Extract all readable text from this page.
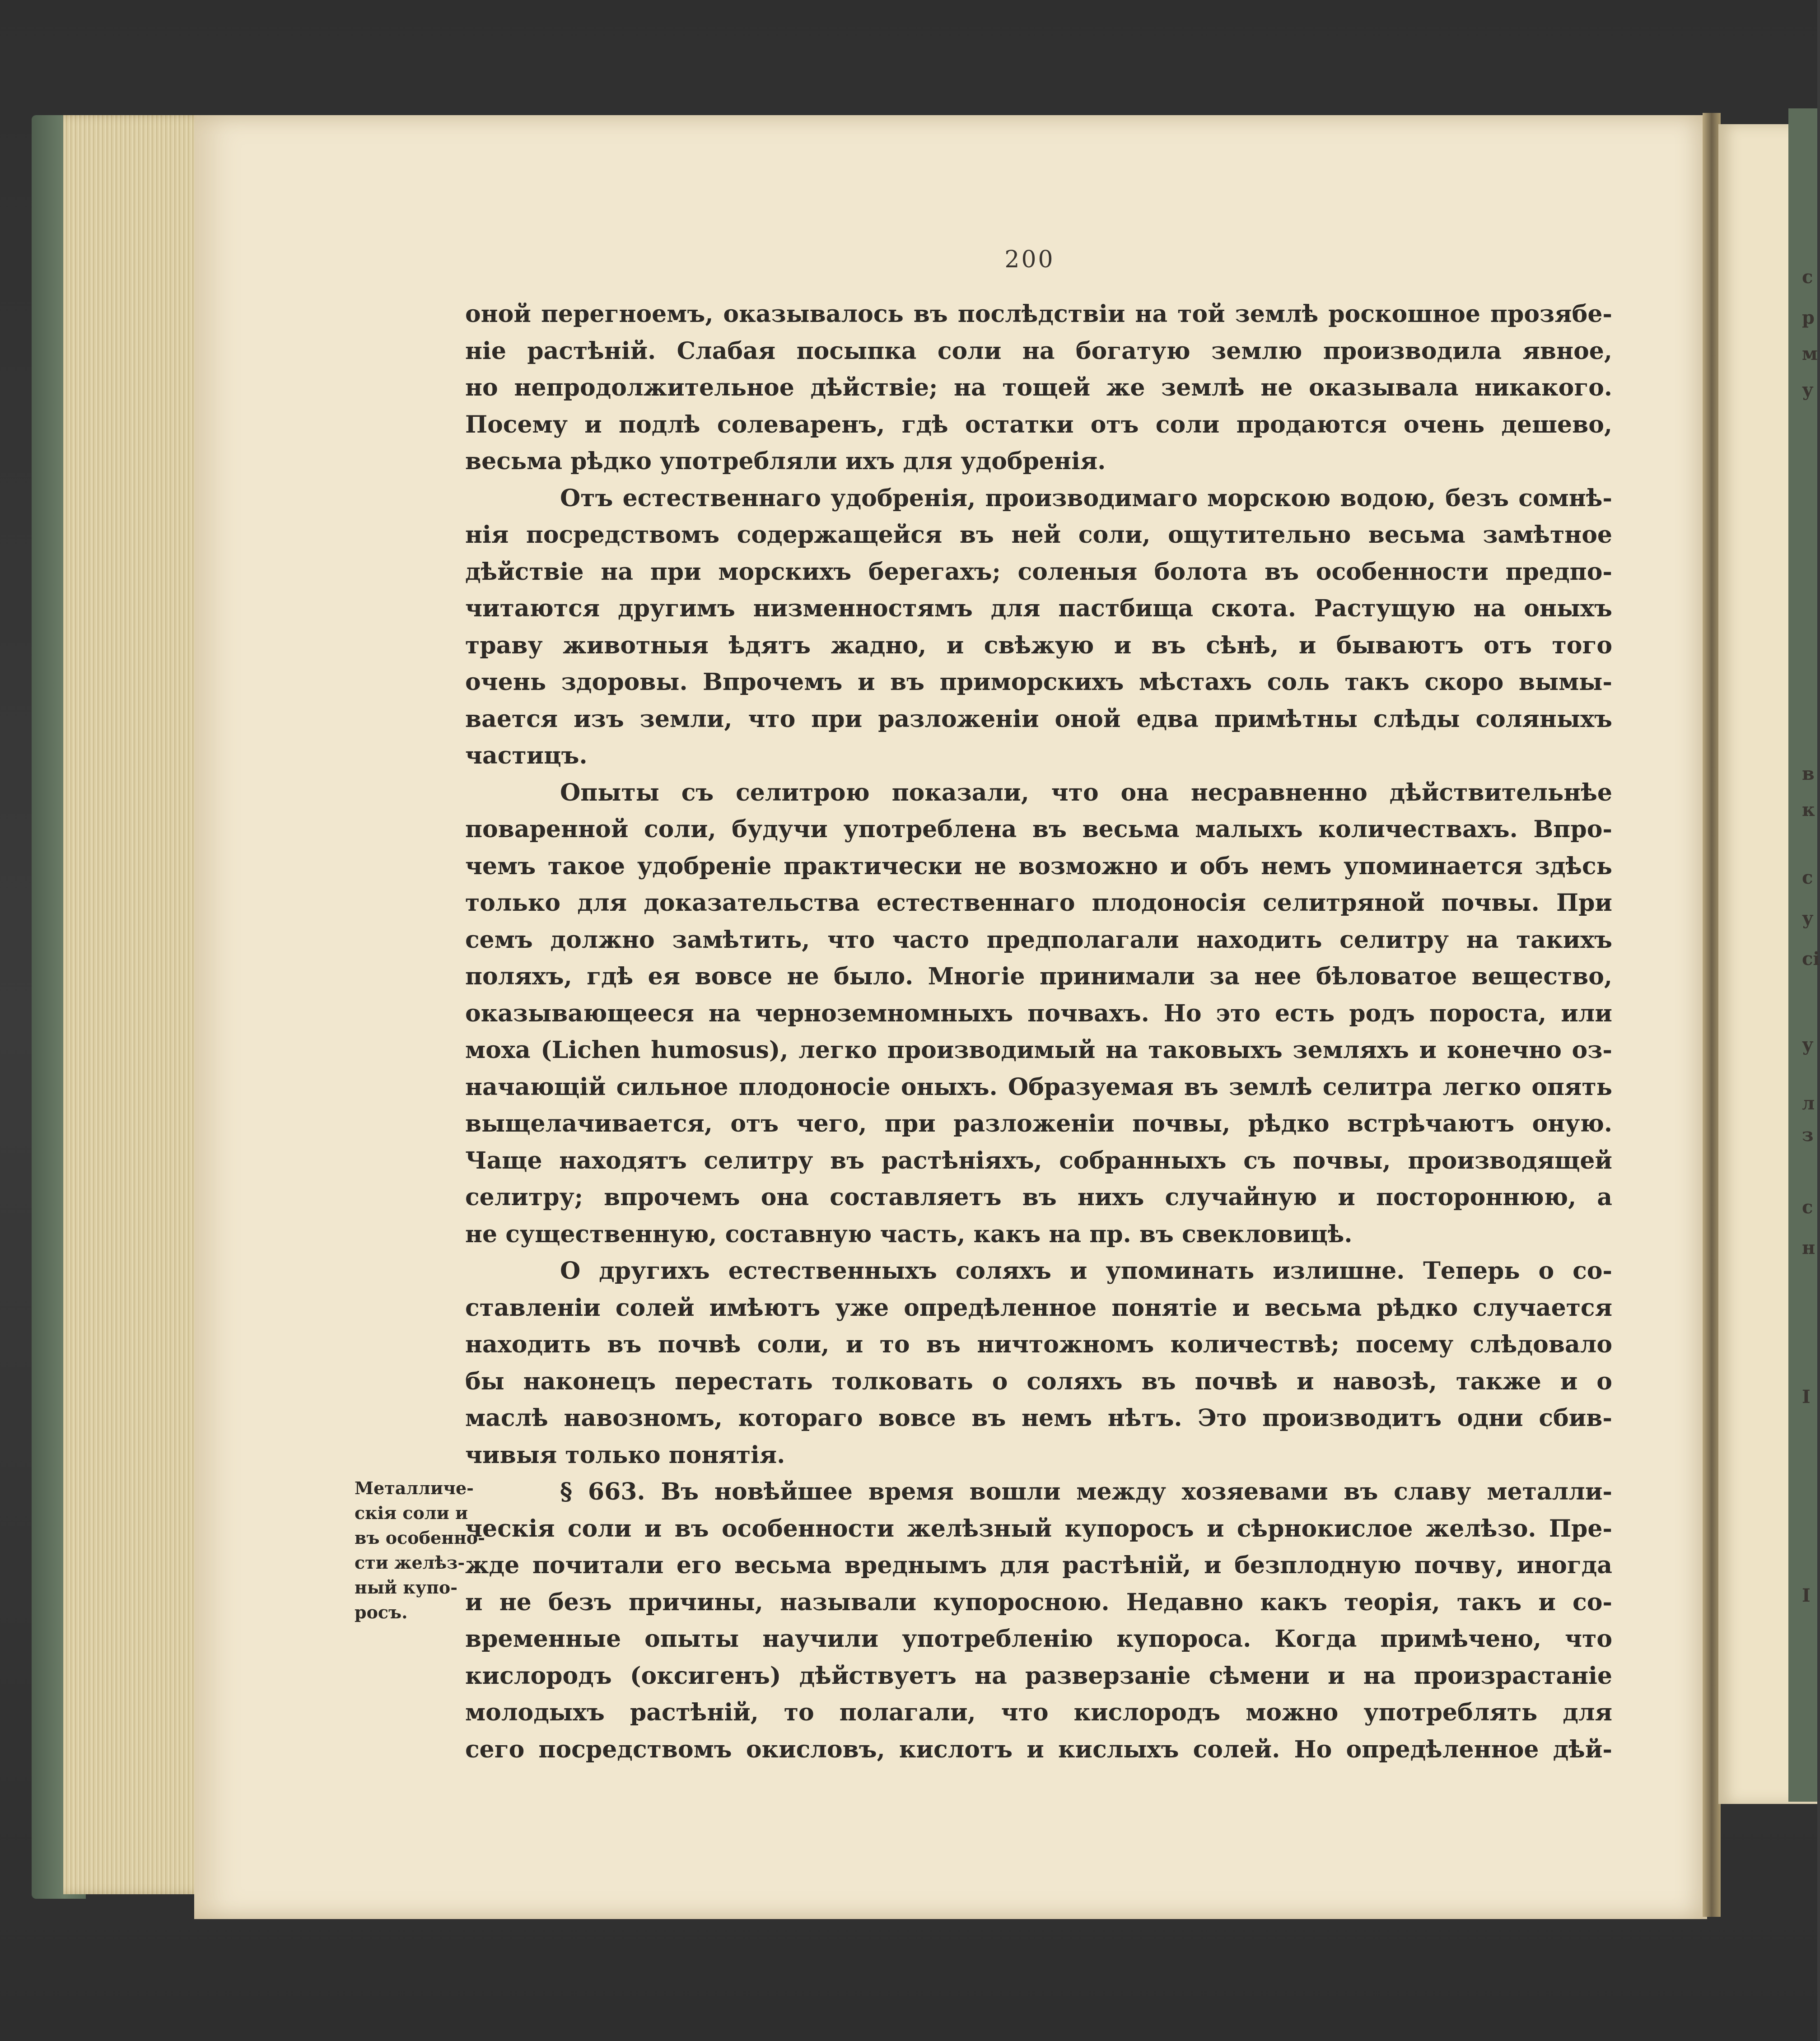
200
оной перегноемъ, оказывалось въ послѣдствіи на той землѣ роскошное прозябе-
ніе растѣній. Слабая посыпка соли на богатую землю производила явное,
но непродолжительное дѣйствіе; на тощей же землѣ не оказывала никакого.
Посему и подлѣ солеваренъ, гдѣ остатки отъ соли продаются очень дешево,
весьма рѣдко употребляли ихъ для удобренія.
Отъ естественнаго удобренія, производимаго морскою водою, безъ сомнѣ-
нія посредствомъ содержащейся въ ней соли, ощутительно весьма замѣтное
дѣйствіе на при морскихъ берегахъ; соленыя болота въ особенности предпо-
читаются другимъ низменностямъ для пастбища скота. Растущую на оныхъ
траву животныя ѣдятъ жадно, и свѣжую и въ сѣнѣ, и бываютъ отъ того
очень здоровы. Впрочемъ и въ приморскихъ мѣстахъ соль такъ скоро вымы-
вается изъ земли, что при разложеніи оной едва примѣтны слѣды соляныхъ
частицъ.
Опыты съ селитрою показали, что она несравненно дѣйствительнѣе
поваренной соли, будучи употреблена въ весьма малыхъ количествахъ. Впро-
чемъ такое удобреніе практически не возможно и объ немъ упоминается здѣсь
только для доказательства естественнаго плодоносія селитряной почвы. При
семъ должно замѣтить, что часто предполагали находить селитру на такихъ
поляхъ, гдѣ ея вовсе не было. Многіе принимали за нее бѣловатое вещество,
оказывающееся на черноземномныхъ почвахъ. Но это есть родъ пороста, или
моха (Lichen humosus), легко производимый на таковыхъ земляхъ и конечно оз-
начающій сильное плодоносіе оныхъ. Образуемая въ землѣ селитра легко опять
выщелачивается, отъ чего, при разложеніи почвы, рѣдко встрѣчаютъ оную.
Чаще находятъ селитру въ растѣніяхъ, собранныхъ съ почвы, производящей
селитру; впрочемъ она составляетъ въ нихъ случайную и постороннюю, а
не существенную, составную часть, какъ на пр. въ свекловицѣ.
О другихъ естественныхъ соляхъ и упоминать излишне. Теперь о со-
ставленіи солей имѣютъ уже опредѣленное понятіе и весьма рѣдко случается
находить въ почвѣ соли, и то въ ничтожномъ количествѣ; посему слѣдовало
бы наконецъ перестать толковать о соляхъ въ почвѣ и навозѣ, также и о
маслѣ навозномъ, котораго вовсе въ немъ нѣтъ. Это производитъ одни сбив-
чивыя только понятія.
§ 663. Въ новѣйшее время вошли между хозяевами въ славу металли-
ческія соли и въ особенности желѣзный купоросъ и сѣрнокислое желѣзо. Пре-
жде почитали его весьма вреднымъ для растѣній, и безплодную почву, иногда
и не безъ причины, называли купоросною. Недавно какъ теорія, такъ и со-
временные опыты научили употребленію купороса. Когда примѣчено, что
кислородъ (оксигенъ) дѣйствуетъ на разверзаніе сѣмени и на произрастаніе
молодыхъ растѣній, то полагали, что кислородъ можно употреблять для
сего посредствомъ окисловъ, кислотъ и кислыхъ солей. Но опредѣленное дѣй-
Металличе-
скія соли и
въ особенно-
сти желѣз-
ный купо-
росъ.
с
р
м
у
в
к
с
у
сі
у
л
з
с
н
І
I
